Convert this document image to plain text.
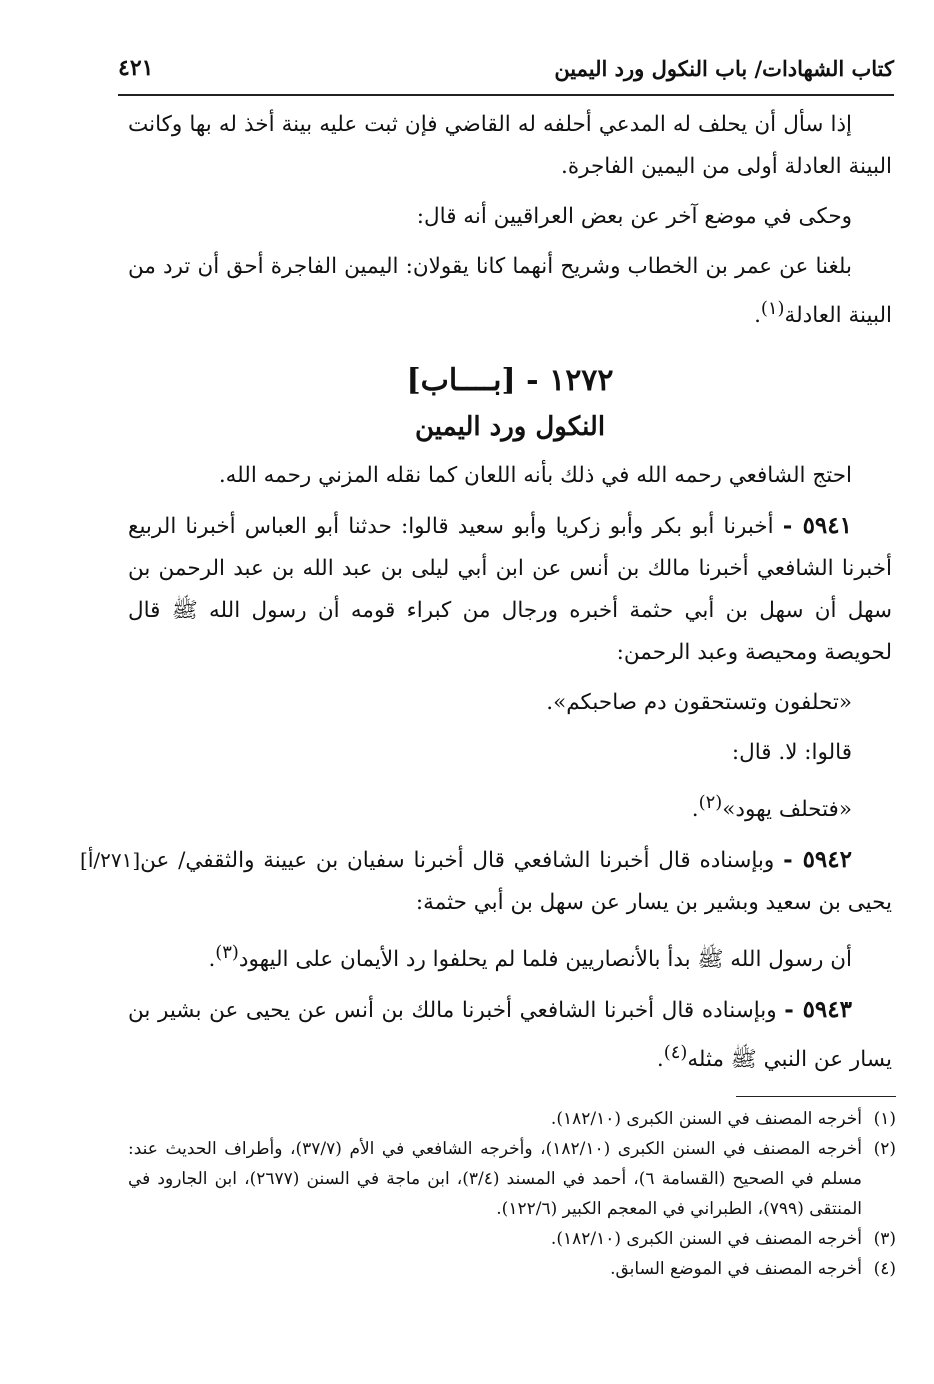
كتاب الشهادات/ باب النكول ورد اليمين
٤٢١

إذا سأل أن يحلف له المدعي أحلفه له القاضي فإن ثبت عليه بينة أخذ له بها وكانت البينة العادلة أولى من اليمين الفاجرة.

وحكى في موضع آخر عن بعض العراقيين أنه قال:

بلغنا عن عمر بن الخطاب وشريح أنهما كانا يقولان: اليمين الفاجرة أحق أن ترد من البينة العادلة$^{(١)}$.

١٢٧٢ - [بــــاب]
النكول ورد اليمين

احتج الشافعي رحمه الله في ذلك بأنه اللعان كما نقله المزني رحمه الله.

٥٩٤١ - أخبرنا أبو بكر وأبو زكريا وأبو سعيد قالوا: حدثنا أبو العباس أخبرنا الربيع أخبرنا الشافعي أخبرنا مالك بن أنس عن ابن أبي ليلى بن عبد الله بن عبد الرحمن بن سهل أن سهل بن أبي حثمة أخبره ورجال من كبراء قومه أن رسول الله ﷺ قال لحويصة ومحيصة وعبد الرحمن:

«تحلفون وتستحقون دم صاحبكم».

قالوا: لا. قال:

«فتحلف يهود»$^{(٢)}$.

[٢٧١/أ]	٥٩٤٢ - وبإسناده قال أخبرنا الشافعي قال أخبرنا سفيان بن عيينة والثقفي/ عن يحيى بن سعيد وبشير بن يسار عن سهل بن أبي حثمة:

أن رسول الله ﷺ بدأ بالأنصاريين فلما لم يحلفوا رد الأيمان على اليهود$^{(٣)}$.

٥٩٤٣ - وبإسناده قال أخبرنا الشافعي أخبرنا مالك بن أنس عن يحيى عن بشير بن يسار عن النبي ﷺ مثله$^{(٤)}$.

(١)
أخرجه المصنف في السنن الكبرى (١٨٢/١٠).

(٢)
أخرجه المصنف في السنن الكبرى (١٨٢/١٠)، وأخرجه الشافعي في الأم (٣٧/٧)، وأطراف الحديث عند: مسلم في الصحيح (القسامة ٦)، أحمد في المسند (٣/٤)، ابن ماجة في السنن (٢٦٧٧)، ابن الجارود في المنتقى (٧٩٩)، الطبراني في المعجم الكبير (١٢٢/٦).

(٣)
أخرجه المصنف في السنن الكبرى (١٨٢/١٠).

(٤)
أخرجه المصنف في الموضع السابق.
